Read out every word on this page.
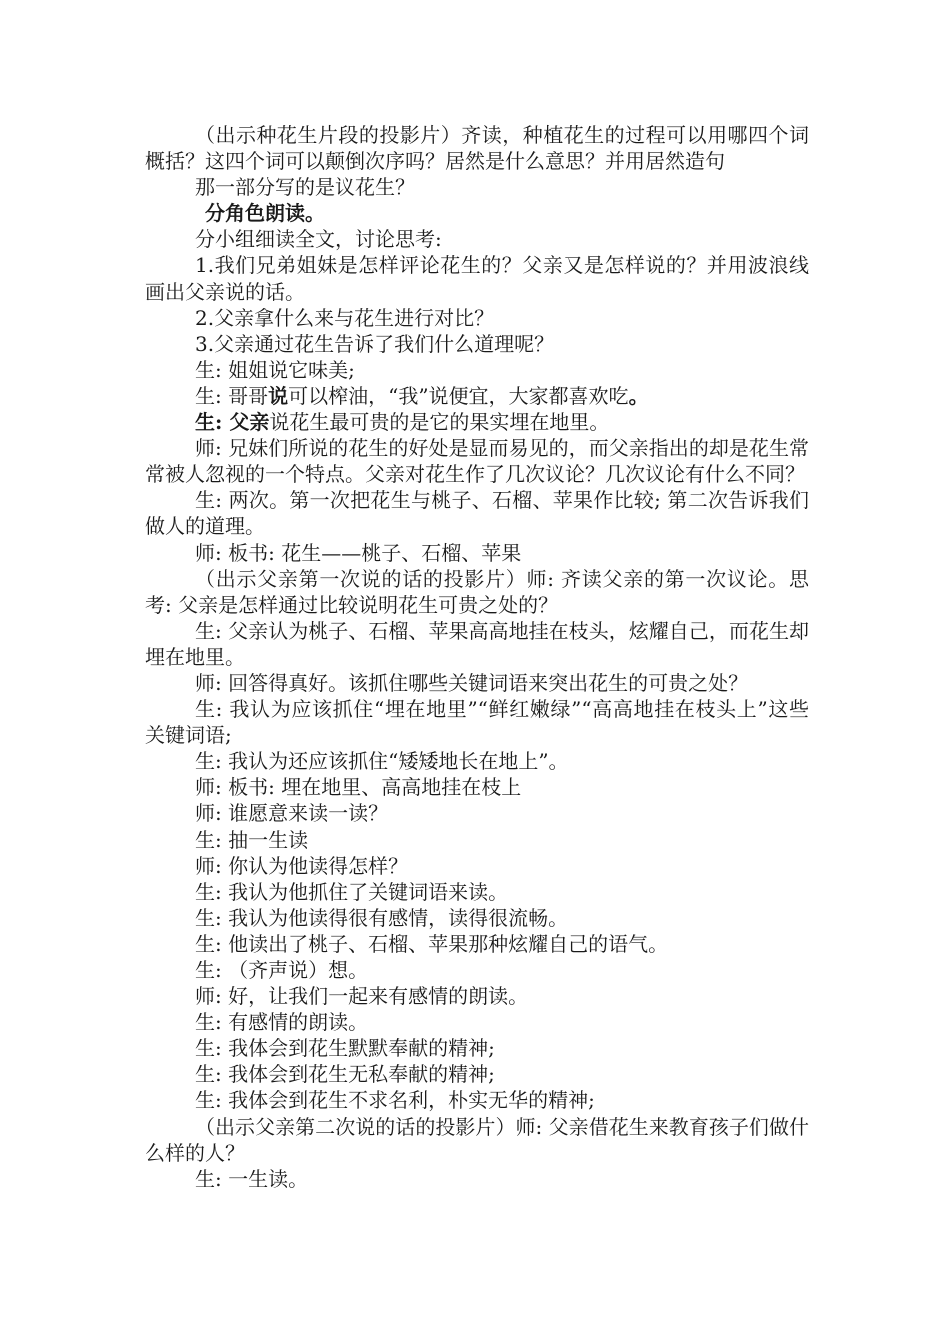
（出示种花生片段的投影片）齐读，种植花生的过程可以用哪四个词概括？这四个词可以颠倒次序吗？居然是什么意思？并用居然造句

那一部分写的是议花生？

分角色朗读。

分小组细读全文，讨论思考:

1.我们兄弟姐妹是怎样评论花生的？父亲又是怎样说的？并用波浪线画出父亲说的话。

2.父亲拿什么来与花生进行对比？

3.父亲通过花生告诉了我们什么道理呢？

生: 姐姐说它味美;

生: 哥哥说可以榨油，“我”说便宜，大家都喜欢吃。

生: 父亲说花生最可贵的是它的果实埋在地里。

师: 兄妹们所说的花生的好处是显而易见的，而父亲指出的却是花生常常被人忽视的一个特点。父亲对花生作了几次议论？几次议论有什么不同？

生: 两次。第一次把花生与桃子、石榴、苹果作比较; 第二次告诉我们做人的道理。

师: 板书: 花生——桃子、石榴、苹果

（出示父亲第一次说的话的投影片）师: 齐读父亲的第一次议论。思考: 父亲是怎样通过比较说明花生可贵之处的？

生: 父亲认为桃子、石榴、苹果高高地挂在枝头，炫耀自己，而花生却埋在地里。

师: 回答得真好。该抓住哪些关键词语来突出花生的可贵之处？

生: 我认为应该抓住“埋在地里”“鲜红嫩绿”“高高地挂在枝头上”这些关键词语;

生: 我认为还应该抓住“矮矮地长在地上”。

师: 板书: 埋在地里、高高地挂在枝上

师: 谁愿意来读一读？

生: 抽一生读

师: 你认为他读得怎样？

生: 我认为他抓住了关键词语来读。

生: 我认为他读得很有感情，读得很流畅。

生: 他读出了桃子、石榴、苹果那种炫耀自己的语气。

生: （齐声说）想。

师: 好，让我们一起来有感情的朗读。

生: 有感情的朗读。

生: 我体会到花生默默奉献的精神;

生: 我体会到花生无私奉献的精神;

生: 我体会到花生不求名利，朴实无华的精神;

（出示父亲第二次说的话的投影片）师: 父亲借花生来教育孩子们做什么样的人？

生: 一生读。
